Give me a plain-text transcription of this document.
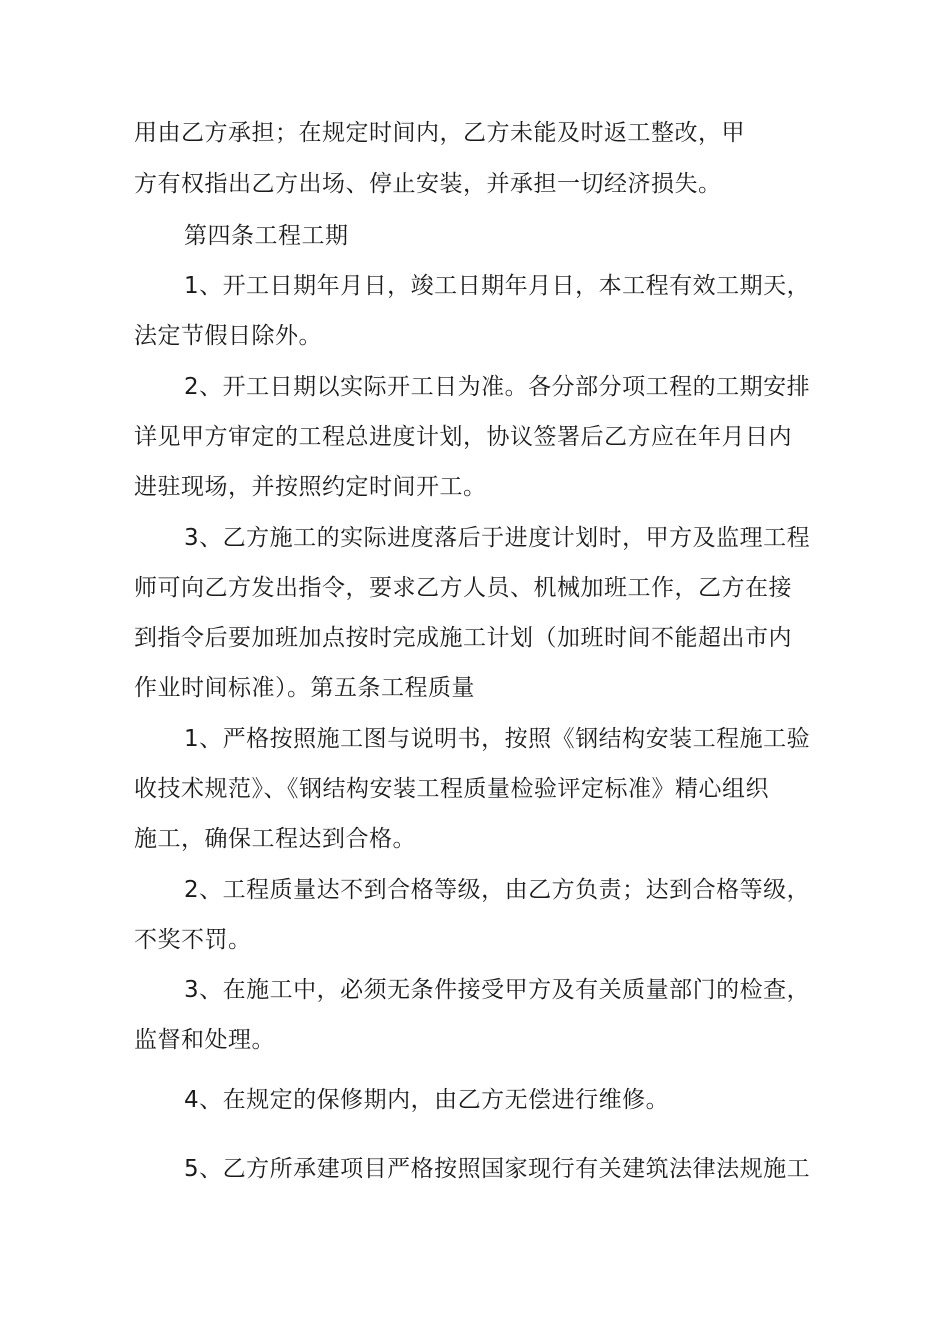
用由乙方承担；在规定时间内，乙方未能及时返工整改，甲
方有权指出乙方出场、停止安装，并承担一切经济损失。
第四条工程工期
1、开工日期年月日，竣工日期年月日，本工程有效工期天，
法定节假日除外。
2、开工日期以实际开工日为准。各分部分项工程的工期安排
详见甲方审定的工程总进度计划，协议签署后乙方应在年月日内
进驻现场，并按照约定时间开工。
3、乙方施工的实际进度落后于进度计划时，甲方及监理工程
师可向乙方发出指令，要求乙方人员、机械加班工作，乙方在接
到指令后要加班加点按时完成施工计划（加班时间不能超出市内
作业时间标准）。第五条工程质量
1、严格按照施工图与说明书，按照《钢结构安装工程施工验
收技术规范》、《钢结构安装工程质量检验评定标准》精心组织
施工，确保工程达到合格。
2、工程质量达不到合格等级，由乙方负责；达到合格等级，
不奖不罚。
3、在施工中，必须无条件接受甲方及有关质量部门的检查，
监督和处理。
4、在规定的保修期内，由乙方无偿进行维修。
5、乙方所承建项目严格按照国家现行有关建筑法律法规施工
